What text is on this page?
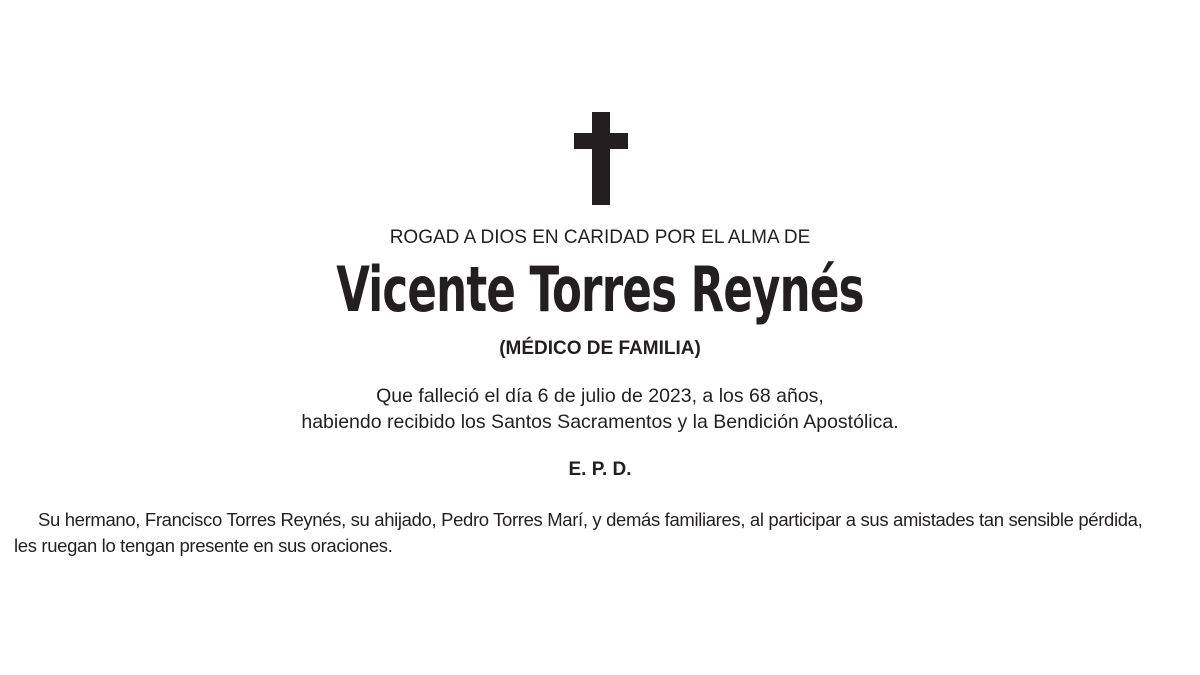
ROGAD A DIOS EN CARIDAD POR EL ALMA DE
Vicente Torres Reynés
(MÉDICO DE FAMILIA)
Que falleció el día 6 de julio de 2023, a los 68 años,
habiendo recibido los Santos Sacramentos y la Bendición Apostólica.
E. P. D.
Su hermano, Francisco Torres Reynés, su ahijado, Pedro Torres Marí, y demás familiares, al participar a sus amistades tan sensible pérdida,
les ruegan lo tengan presente en sus oraciones.
